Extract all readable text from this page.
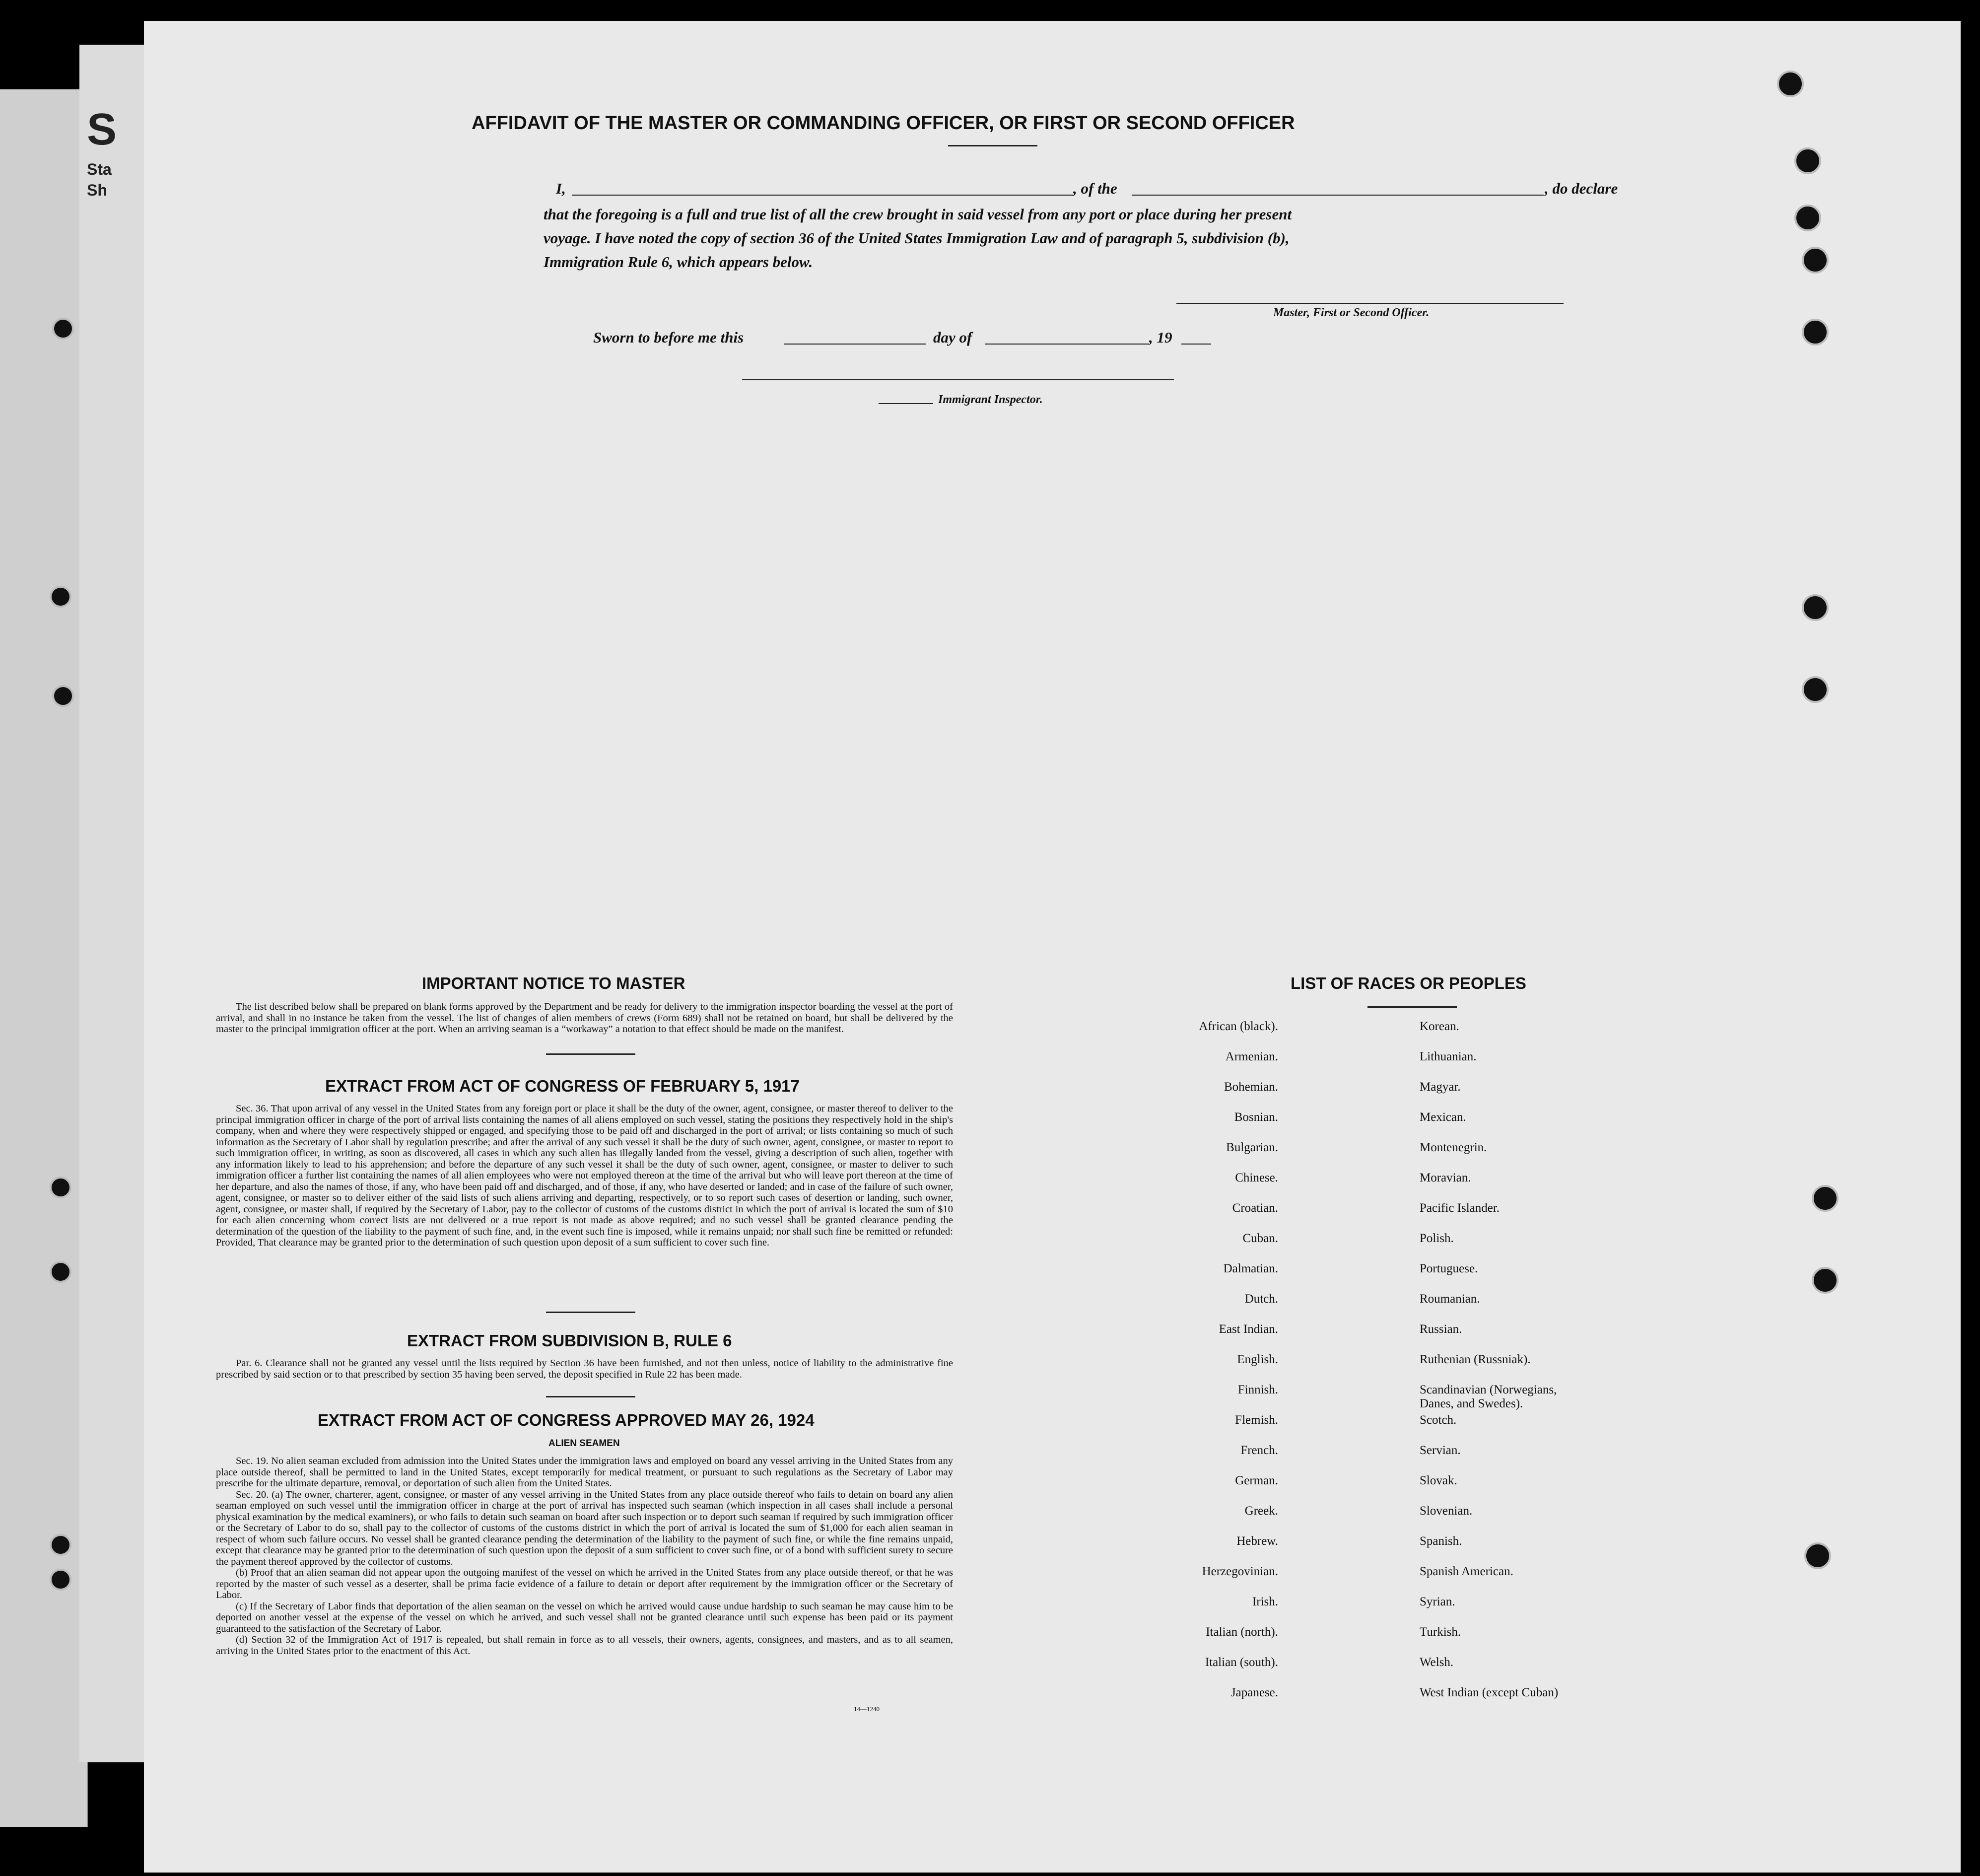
S
Sta
Sh
AFFIDAVIT OF THE MASTER OR COMMANDING OFFICER, OR FIRST OR SECOND OFFICER
I,	, of the	, do declare
that the foregoing is a full and true list of all the crew brought in said vessel from any port or place during her present
voyage. I have noted the copy of section 36 of the United States Immigration Law and of paragraph 5, subdivision (b),
Immigration Rule 6, which appears below.
Master, First or Second Officer.
Sworn to before me this	day of	, 19
Immigrant Inspector.
IMPORTANT NOTICE TO MASTER

The list described below shall be prepared on blank forms approved by the Department and be ready for delivery to the immigration inspector boarding the vessel at the port of arrival, and shall in no instance be taken from the vessel. The list of changes of alien members of crews (Form 689) shall not be retained on board, but shall be delivered by the master to the principal immigration officer at the port. When an arriving seaman is a “workaway” a notation to that effect should be made on the manifest.

EXTRACT FROM ACT OF CONGRESS OF FEBRUARY 5, 1917

Sec. 36. That upon arrival of any vessel in the United States from any foreign port or place it shall be the duty of the owner, agent, consignee, or master thereof to deliver to the principal immigration officer in charge of the port of arrival lists containing the names of all aliens employed on such vessel, stating the positions they respectively hold in the ship's company, when and where they were respectively shipped or engaged, and specifying those to be paid off and discharged in the port of arrival; or lists containing so much of such information as the Secretary of Labor shall by regulation prescribe; and after the arrival of any such vessel it shall be the duty of such owner, agent, consignee, or master to report to such immigration officer, in writing, as soon as discovered, all cases in which any such alien has illegally landed from the vessel, giving a description of such alien, together with any information likely to lead to his apprehension; and before the departure of any such vessel it shall be the duty of such owner, agent, consignee, or master to deliver to such immigration officer a further list containing the names of all alien employees who were not employed thereon at the time of the arrival but who will leave port thereon at the time of her departure, and also the names of those, if any, who have been paid off and discharged, and of those, if any, who have deserted or landed; and in case of the failure of such owner, agent, consignee, or master so to deliver either of the said lists of such aliens arriving and departing, respectively, or to so report such cases of desertion or landing, such owner, agent, consignee, or master shall, if required by the Secretary of Labor, pay to the collector of customs of the customs district in which the port of arrival is located the sum of $10 for each alien concerning whom correct lists are not delivered or a true report is not made as above required; and no such vessel shall be granted clearance pending the determination of the question of the liability to the payment of such fine, and, in the event such fine is imposed, while it remains unpaid; nor shall such fine be remitted or refunded: Provided, That clearance may be granted prior to the determination of such question upon deposit of a sum sufficient to cover such fine.

EXTRACT FROM SUBDIVISION B, RULE 6

Par. 6. Clearance shall not be granted any vessel until the lists required by Section 36 have been furnished, and not then unless, notice of liability to the administrative fine prescribed by said section or to that prescribed by section 35 having been served, the deposit specified in Rule 22 has been made.

EXTRACT FROM ACT OF CONGRESS APPROVED MAY 26, 1924
ALIEN SEAMEN

Sec. 19. No alien seaman excluded from admission into the United States under the immigration laws and employed on board any vessel arriving in the United States from any place outside thereof, shall be permitted to land in the United States, except temporarily for medical treatment, or pursuant to such regulations as the Secretary of Labor may prescribe for the ultimate departure, removal, or deportation of such alien from the United States.

Sec. 20. (a) The owner, charterer, agent, consignee, or master of any vessel arriving in the United States from any place outside thereof who fails to detain on board any alien seaman employed on such vessel until the immigration officer in charge at the port of arrival has inspected such seaman (which inspection in all cases shall include a personal physical examination by the medical examiners), or who fails to detain such seaman on board after such inspection or to deport such seaman if required by such immigration officer or the Secretary of Labor to do so, shall pay to the collector of customs of the customs district in which the port of arrival is located the sum of $1,000 for each alien seaman in respect of whom such failure occurs. No vessel shall be granted clearance pending the determination of the liability to the payment of such fine, or while the fine remains unpaid, except that clearance may be granted prior to the determination of such question upon the deposit of a sum sufficient to cover such fine, or of a bond with sufficient surety to secure the payment thereof approved by the collector of customs.

(b) Proof that an alien seaman did not appear upon the outgoing manifest of the vessel on which he arrived in the United States from any place outside thereof, or that he was reported by the master of such vessel as a deserter, shall be prima facie evidence of a failure to detain or deport after requirement by the immigration officer or the Secretary of Labor.

(c) If the Secretary of Labor finds that deportation of the alien seaman on the vessel on which he arrived would cause undue hardship to such seaman he may cause him to be deported on another vessel at the expense of the vessel on which he arrived, and such vessel shall not be granted clearance until such expense has been paid or its payment guaranteed to the satisfaction of the Secretary of Labor.

(d) Section 32 of the Immigration Act of 1917 is repealed, but shall remain in force as to all vessels, their owners, agents, consignees, and masters, and as to all seamen, arriving in the United States prior to the enactment of this Act.

14—1240
LIST OF RACES OR PEOPLES
African (black).
Armenian.
Bohemian.
Bosnian.
Bulgarian.
Chinese.
Croatian.
Cuban.
Dalmatian.
Dutch.
East Indian.
English.
Finnish.
Flemish.
French.
German.
Greek.
Hebrew.
Herzegovinian.
Irish.
Italian (north).
Italian (south).
Japanese.
Korean.
Lithuanian.
Magyar.
Mexican.
Montenegrin.
Moravian.
Pacific Islander.
Polish.
Portuguese.
Roumanian.
Russian.
Ruthenian (Russniak).
Scandinavian (Norwegians,
Danes, and Swedes).
Scotch.
Servian.
Slovak.
Slovenian.
Spanish.
Spanish American.
Syrian.
Turkish.
Welsh.
West Indian (except Cuban)
